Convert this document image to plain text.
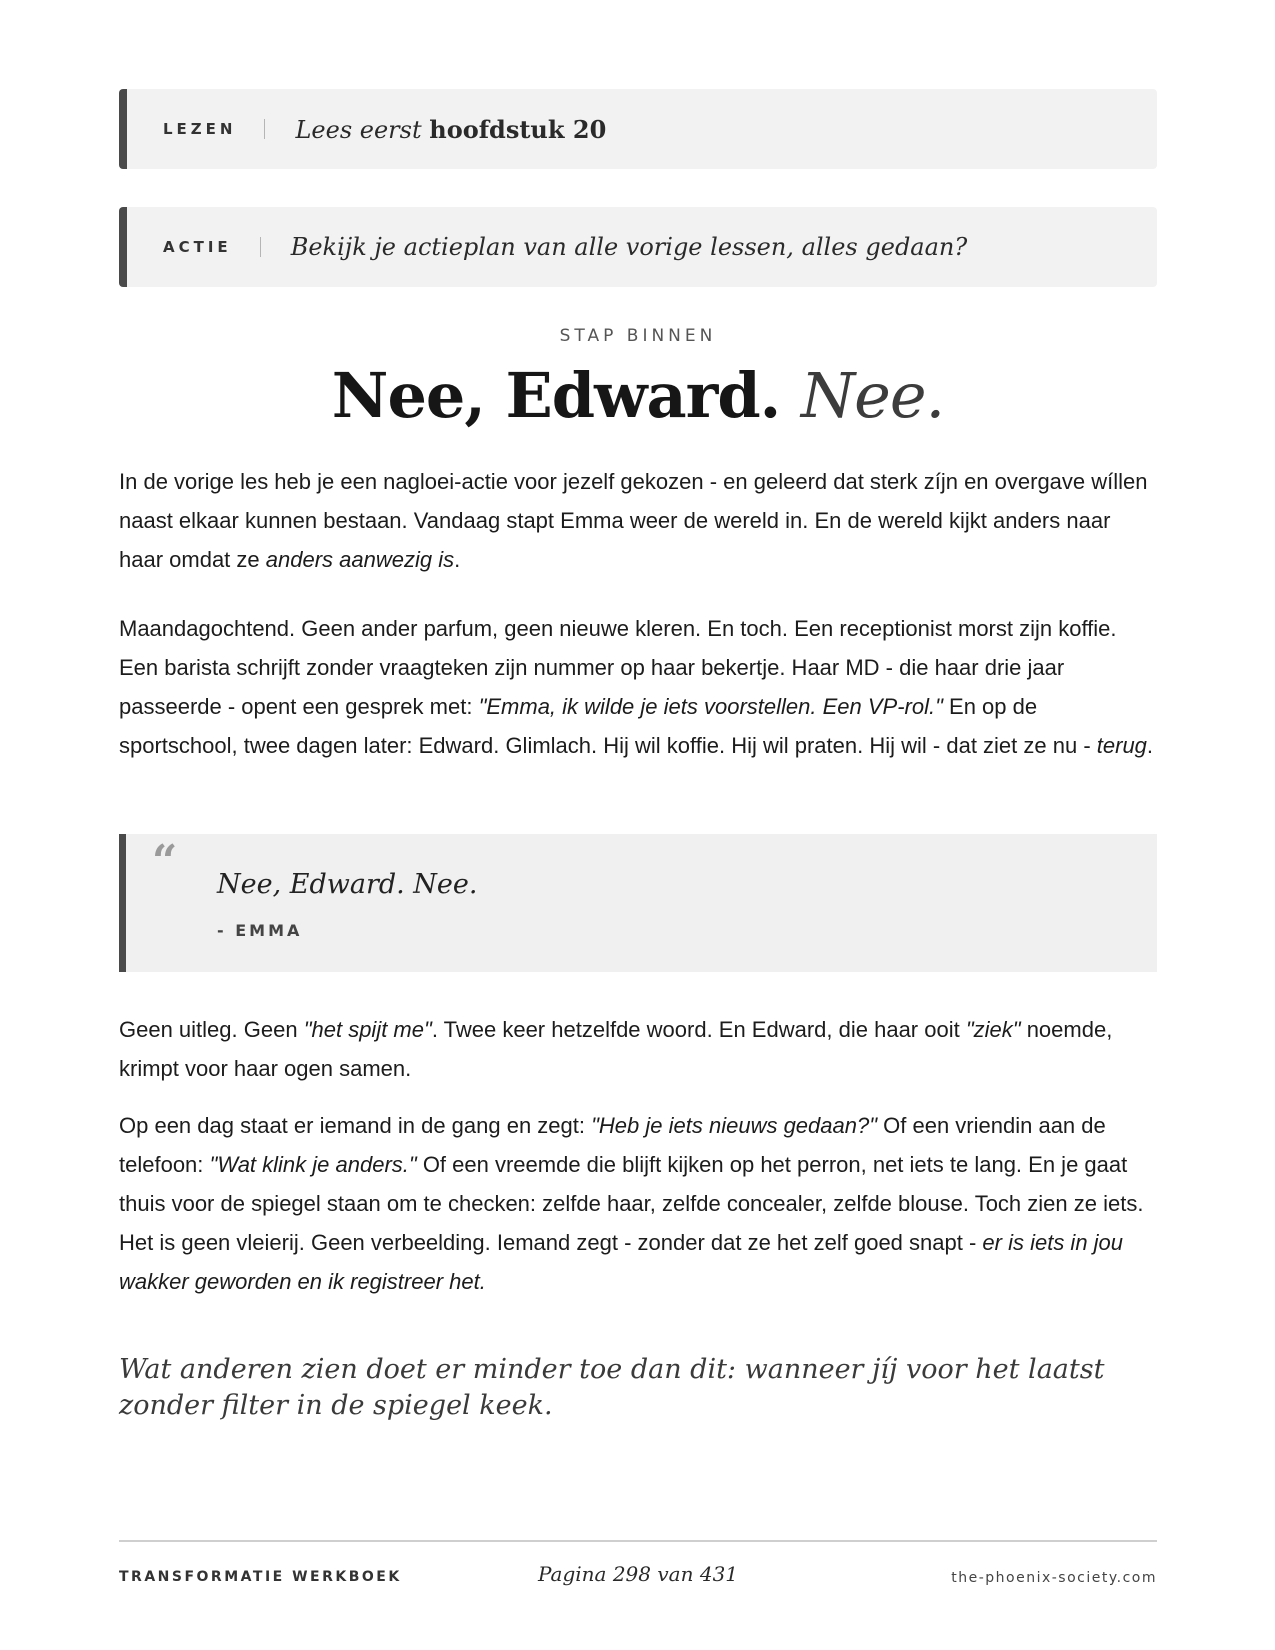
LEZEN Lees eerst hoofdstuk 20
ACTIE Bekijk je actieplan van alle vorige lessen, alles gedaan?
STAP BINNEN
Nee, Edward. Nee.

In de vorige les heb je een nagloei-actie voor jezelf gekozen - en geleerd dat sterk zíjn en overgave wíllen naast elkaar kunnen bestaan. Vandaag stapt Emma weer de wereld in. En de wereld kijkt anders naar haar omdat ze anders aanwezig is.

Maandagochtend. Geen ander parfum, geen nieuwe kleren. En toch. Een receptionist morst zijn koffie. Een barista schrijft zonder vraagteken zijn nummer op haar bekertje. Haar MD - die haar drie jaar passeerde - opent een gesprek met: "Emma, ik wilde je iets voorstellen. Een VP-rol." En op de sportschool, twee dagen later: Edward. Glimlach. Hij wil koffie. Hij wil praten. Hij wil - dat ziet ze nu - terug.

“ Nee, Edward. Nee.
- EMMA

Geen uitleg. Geen "het spijt me". Twee keer hetzelfde woord. En Edward, die haar ooit "ziek" noemde, krimpt voor haar ogen samen.

Op een dag staat er iemand in de gang en zegt: "Heb je iets nieuws gedaan?" Of een vriendin aan de telefoon: "Wat klink je anders." Of een vreemde die blijft kijken op het perron, net iets te lang. En je gaat thuis voor de spiegel staan om te checken: zelfde haar, zelfde concealer, zelfde blouse. Toch zien ze iets. Het is geen vleierij. Geen verbeelding. Iemand zegt - zonder dat ze het zelf goed snapt - er is iets in jou wakker geworden en ik registreer het.

Wat anderen zien doet er minder toe dan dit: wanneer jíj voor het laatst zonder filter in de spiegel keek.

TRANSFORMATIE WERKBOEK	Pagina 298 van 431	the-phoenix-society.com
